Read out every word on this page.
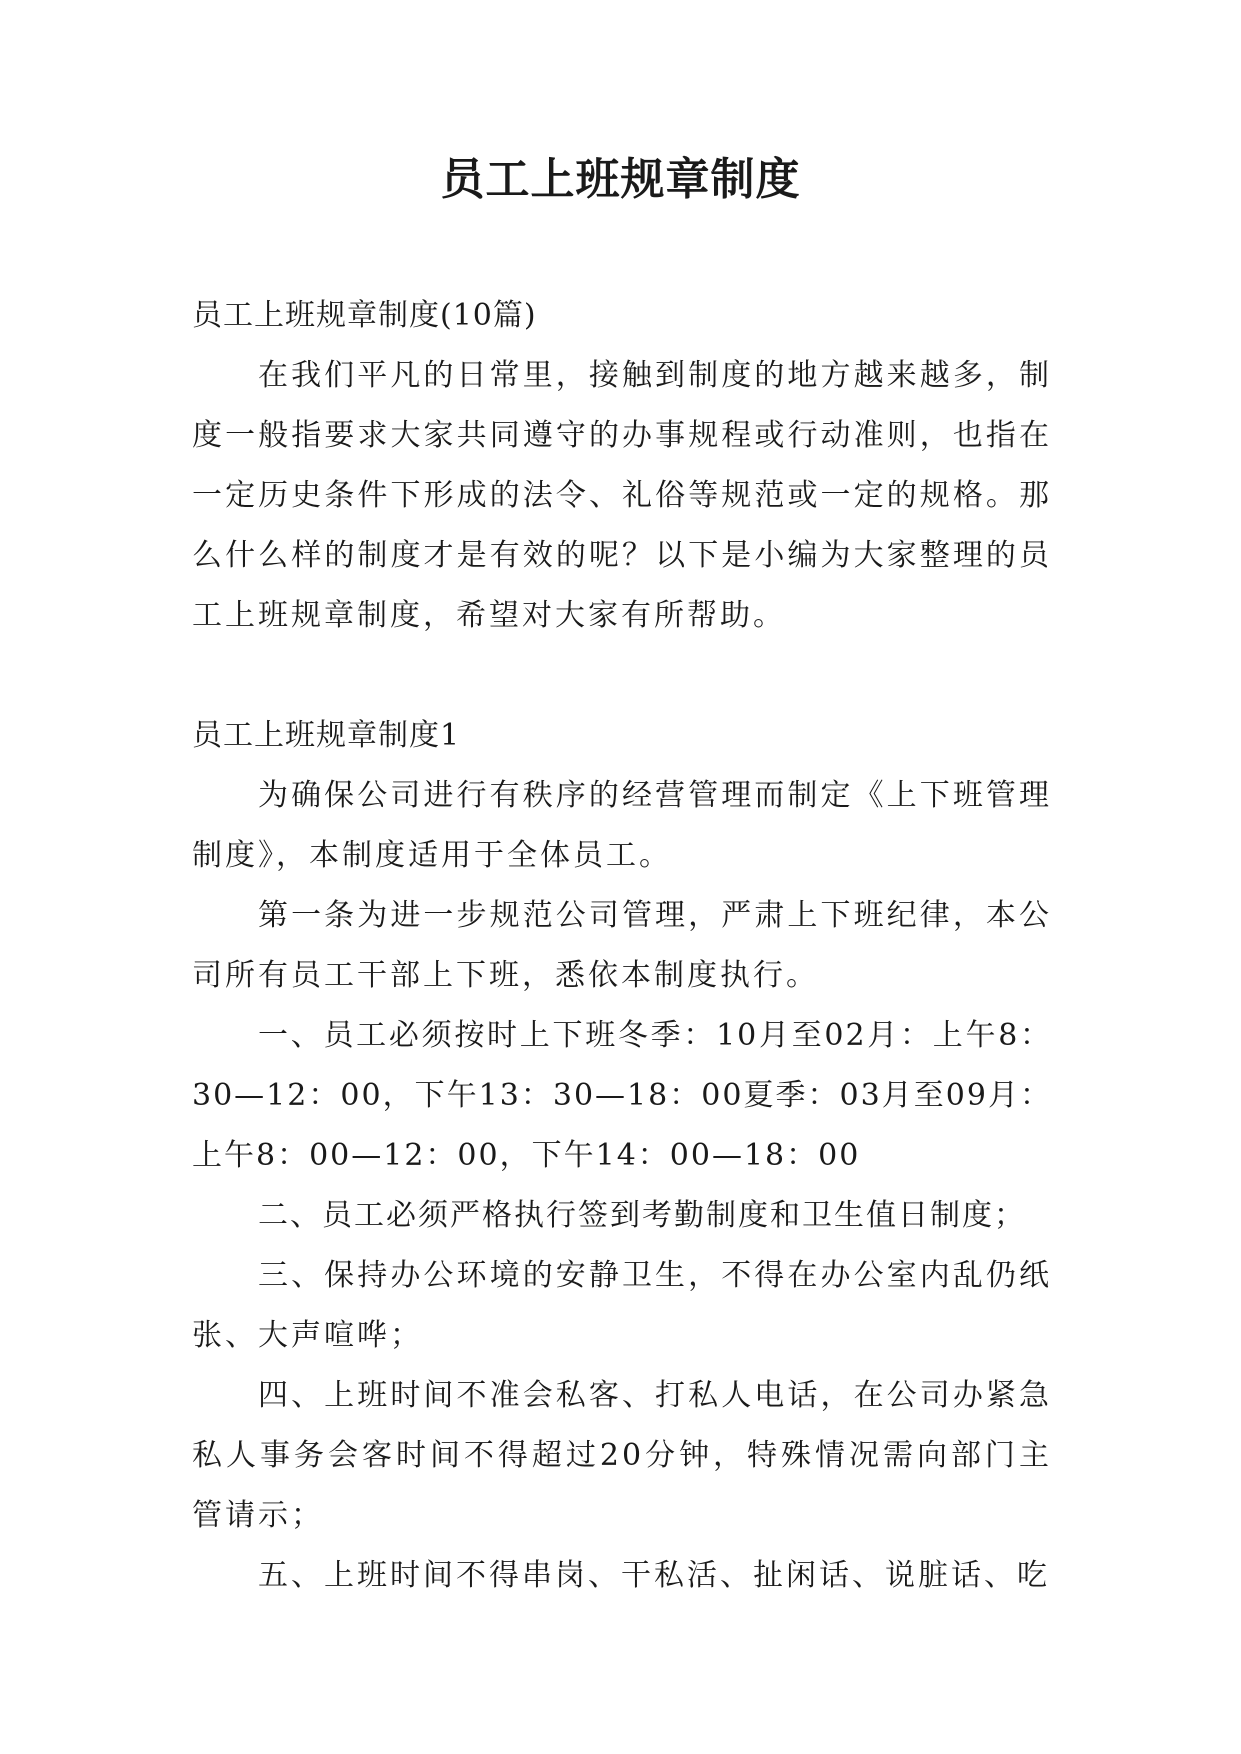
员工上班规章制度

员工上班规章制度(10篇)

在我们平凡的日常里，接触到制度的地方越来越多，制度一般指要求大家共同遵守的办事规程或行动准则，也指在一定历史条件下形成的法令、礼俗等规范或一定的规格。那么什么样的制度才是有效的呢？以下是小编为大家整理的员工上班规章制度，希望对大家有所帮助。

员工上班规章制度1

为确保公司进行有秩序的经营管理而制定《上下班管理制度》，本制度适用于全体员工。

第一条为进一步规范公司管理，严肃上下班纪律，本公司所有员工干部上下班，悉依本制度执行。

一、员工必须按时上下班冬季：10月至02月：上午8：30—12：00，下午13：30—18：00夏季：03月至09月：上午8：00—12：00，下午14：00—18：00

二、员工必须严格执行签到考勤制度和卫生值日制度；

三、保持办公环境的安静卫生，不得在办公室内乱仍纸张、大声喧哗；

四、上班时间不准会私客、打私人电话，在公司办紧急私人事务会客时间不得超过20分钟，特殊情况需向部门主管请示；

五、上班时间不得串岗、干私活、扯闲话、说脏话、吃
